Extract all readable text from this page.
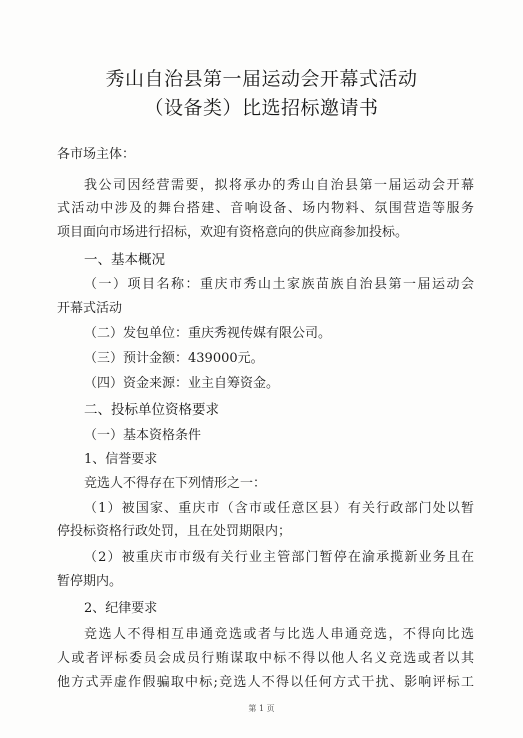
秀山自治县第一届运动会开幕式活动
（设备类）比选招标邀请书
各市场主体：
我公司因经营需要，拟将承办的秀山自治县第一届运动会开幕
式活动中涉及的舞台搭建、音响设备、场内物料、氛围营造等服务
项目面向市场进行招标，欢迎有资格意向的供应商参加投标。
一、基本概况
（一）项目名称：重庆市秀山土家族苗族自治县第一届运动会
开幕式活动
（二）发包单位：重庆秀视传媒有限公司。
（三）预计金额：439000元。
（四）资金来源：业主自筹资金。
二、投标单位资格要求
（一）基本资格条件
1、信誉要求
竞选人不得存在下列情形之一：
（1）被国家、重庆市（含市或任意区县）有关行政部门处以暂
停投标资格行政处罚，且在处罚期限内；
（2）被重庆市市级有关行业主管部门暂停在渝承揽新业务且在
暂停期内。
2、纪律要求
竞选人不得相互串通竞选或者与比选人串通竞选，不得向比选
人或者评标委员会成员行贿谋取中标不得以他人名义竞选或者以其
他方式弄虚作假骗取中标;竞选人不得以任何方式干扰、影响评标工
第 1 页
